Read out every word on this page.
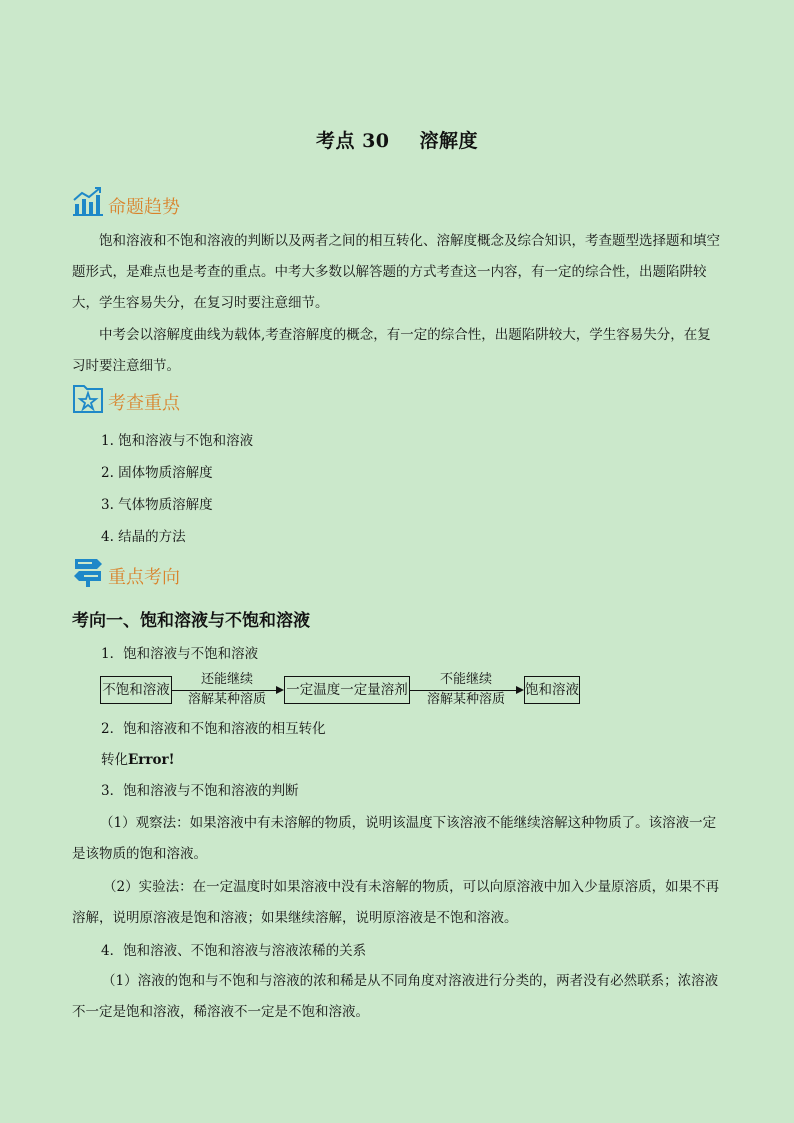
考点 30 溶解度
命题趋势
饱和溶液和不饱和溶液的判断以及两者之间的相互转化、溶解度概念及综合知识，考查题型选择题和填空题形式，是难点也是考查的重点。中考大多数以解答题的方式考查这一内容，有一定的综合性，出题陷阱较大，学生容易失分，在复习时要注意细节。
中考会以溶解度曲线为载体,考查溶解度的概念，有一定的综合性，出题陷阱较大，学生容易失分，在复习时要注意细节。
考查重点
1. 饱和溶液与不饱和溶液
2. 固体物质溶解度
3. 气体物质溶解度
4. 结晶的方法
重点考向
考向一、饱和溶液与不饱和溶液
1．饱和溶液与不饱和溶液
不饱和溶液
还能继续
溶解某种溶质
一定温度一定量溶剂
不能继续
溶解某种溶质
饱和溶液
2．饱和溶液和不饱和溶液的相互转化
转化Error!
3．饱和溶液与不饱和溶液的判断
（1）观察法：如果溶液中有未溶解的物质，说明该温度下该溶液不能继续溶解这种物质了。该溶液一定是该物质的饱和溶液。
（2）实验法：在一定温度时如果溶液中没有未溶解的物质，可以向原溶液中加入少量原溶质，如果不再溶解，说明原溶液是饱和溶液；如果继续溶解，说明原溶液是不饱和溶液。
4．饱和溶液、不饱和溶液与溶液浓稀的关系
（1）溶液的饱和与不饱和与溶液的浓和稀是从不同角度对溶液进行分类的，两者没有必然联系；浓溶液不一定是饱和溶液，稀溶液不一定是不饱和溶液。
